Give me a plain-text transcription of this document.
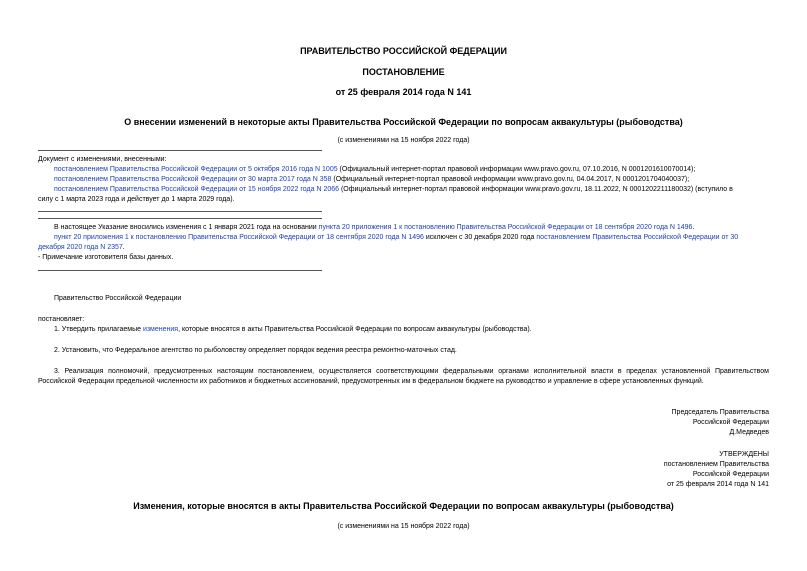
ПРАВИТЕЛЬСТВО РОССИЙСКОЙ ФЕДЕРАЦИИ
ПОСТАНОВЛЕНИЕ
от 25 февраля 2014 года N 141
О внесении изменений в некоторые акты Правительства Российской Федерации по вопросам аквакультуры (рыбоводства)
(с изменениями на 15 ноября 2022 года)
Документ с изменениями, внесенными:
постановлением Правительства Российской Федерации от 5 октября 2016 года N 1005 (Официальный интернет-портал правовой информации www.pravo.gov.ru, 07.10.2016, N 0001201610070014);
постановлением Правительства Российской Федерации от 30 марта 2017 года N 358 (Официальный интернет-портал правовой информации www.pravo.gov.ru, 04.04.2017, N 0001201704040037);
постановлением Правительства Российской Федерации от 15 ноября 2022 года N 2066 (Официальный интернет-портал правовой информации www.pravo.gov.ru, 18.11.2022, N 0001202211180032) (вступило в
силу с 1 марта 2023 года и действует до 1 марта 2029 года).
В настоящее Указание вносились изменения с 1 января 2021 года на основании пункта 20 приложения 1 к постановлению Правительства Российской Федерации от 18 сентября 2020 года N 1496.
пункт 20 приложения 1 к постановлению Правительства Российской Федерации от 18 сентября 2020 года N 1496 исключен с 30 декабря 2020 года постановлением Правительства Российской Федерации от 30
декабря 2020 года N 2357.
- Примечание изготовителя базы данных.
Правительство Российской Федерации
постановляет:
1. Утвердить прилагаемые изменения, которые вносятся в акты Правительства Российской Федерации по вопросам аквакультуры (рыбоводства).
2. Установить, что Федеральное агентство по рыболовству определяет порядок ведения реестра ремонтно-маточных стад.
3. Реализация полномочий, предусмотренных настоящим постановлением, осуществляется соответствующими федеральными органами исполнительной власти в пределах установленной Правительством
Российской Федерации предельной численности их работников и бюджетных ассигнований, предусмотренных им в федеральном бюджете на руководство и управление в сфере установленных функций.
Председатель Правительства
Российской Федерации
Д.Медведев
УТВЕРЖДЕНЫ
постановлением Правительства
Российской Федерации
от 25 февраля 2014 года N 141
Изменения, которые вносятся в акты Правительства Российской Федерации по вопросам аквакультуры (рыбоводства)
(с изменениями на 15 ноября 2022 года)
